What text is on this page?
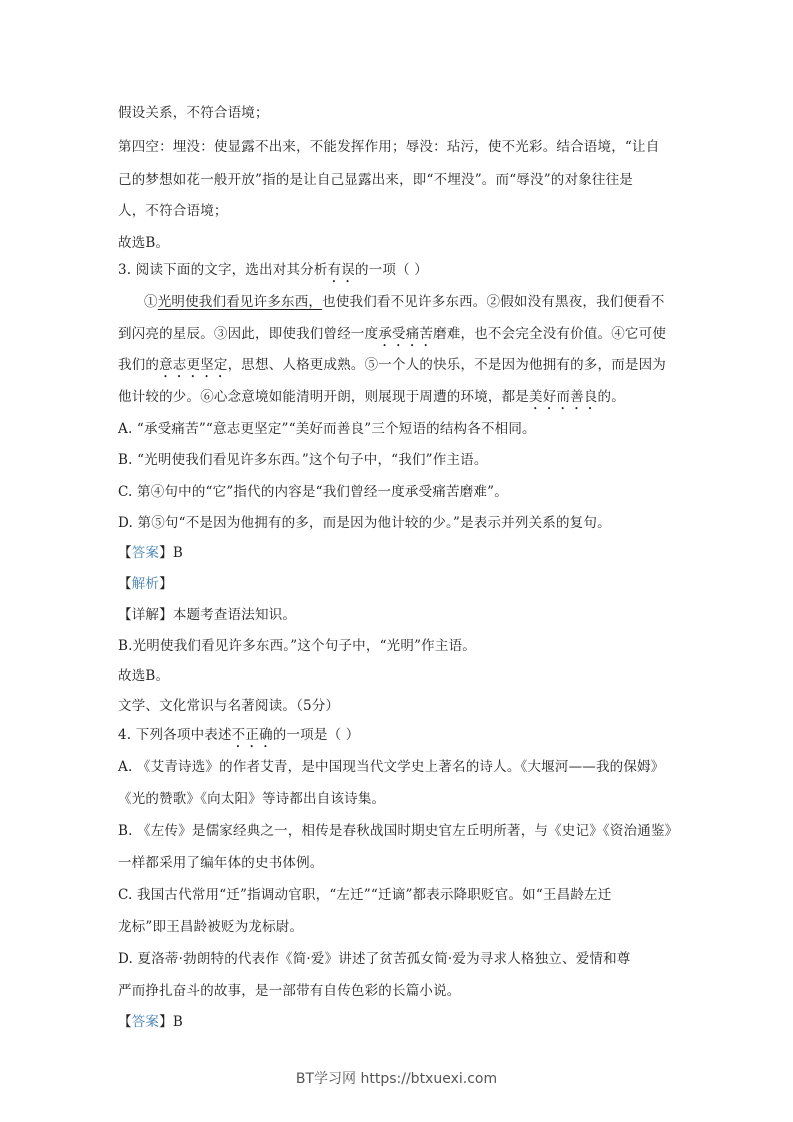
假设关系，不符合语境；
第四空：埋没：使显露不出来，不能发挥作用；辱没：玷污，使不光彩。结合语境，“让自
己的梦想如花一般开放”指的是让自己显露出来，即“不埋没”。而“辱没”的对象往往是
人，不符合语境；
故选B。
3. 阅读下面的文字，选出对其分析有误的一项（ ）
①光明使我们看见许多东西，也使我们看不见许多东西。②假如没有黑夜，我们便看不
到闪亮的星辰。③因此，即使我们曾经一度承受痛苦磨难，也不会完全没有价值。④它可使
我们的意志更坚定，思想、人格更成熟。⑤一个人的快乐，不是因为他拥有的多，而是因为
他计较的少。⑥心念意境如能清明开朗，则展现于周遭的环境，都是美好而善良的。
A. “承受痛苦”“意志更坚定”“美好而善良”三个短语的结构各不相同。
B. “光明使我们看见许多东西。”这个句子中，“我们”作主语。
C. 第④句中的“它”指代的内容是“我们曾经一度承受痛苦磨难”。
D. 第⑤句“不是因为他拥有的多，而是因为他计较的少。”是表示并列关系的复句。
【答案】B
【解析】
【详解】本题考查语法知识。
B.光明使我们看见许多东西。”这个句子中，“光明”作主语。
故选B。
文学、文化常识与名著阅读。（5分）
4. 下列各项中表述不正确的一项是（ ）
A. 《艾青诗选》的作者艾青，是中国现当代文学史上著名的诗人。《大堰河——我的保姆》
《光的赞歌》《向太阳》等诗都出自该诗集。
B. 《左传》是儒家经典之一，相传是春秋战国时期史官左丘明所著，与《史记》《资治通鉴》
一样都采用了编年体的史书体例。
C. 我国古代常用“迁”指调动官职，“左迁”“迁谪”都表示降职贬官。如“王昌龄左迁
龙标”即王昌龄被贬为龙标尉。
D. 夏洛蒂·勃朗特的代表作《简·爱》讲述了贫苦孤女简·爱为寻求人格独立、爱情和尊
严而挣扎奋斗的故事，是一部带有自传色彩的长篇小说。
【答案】B
BT学习网 https://btxuexi.com
